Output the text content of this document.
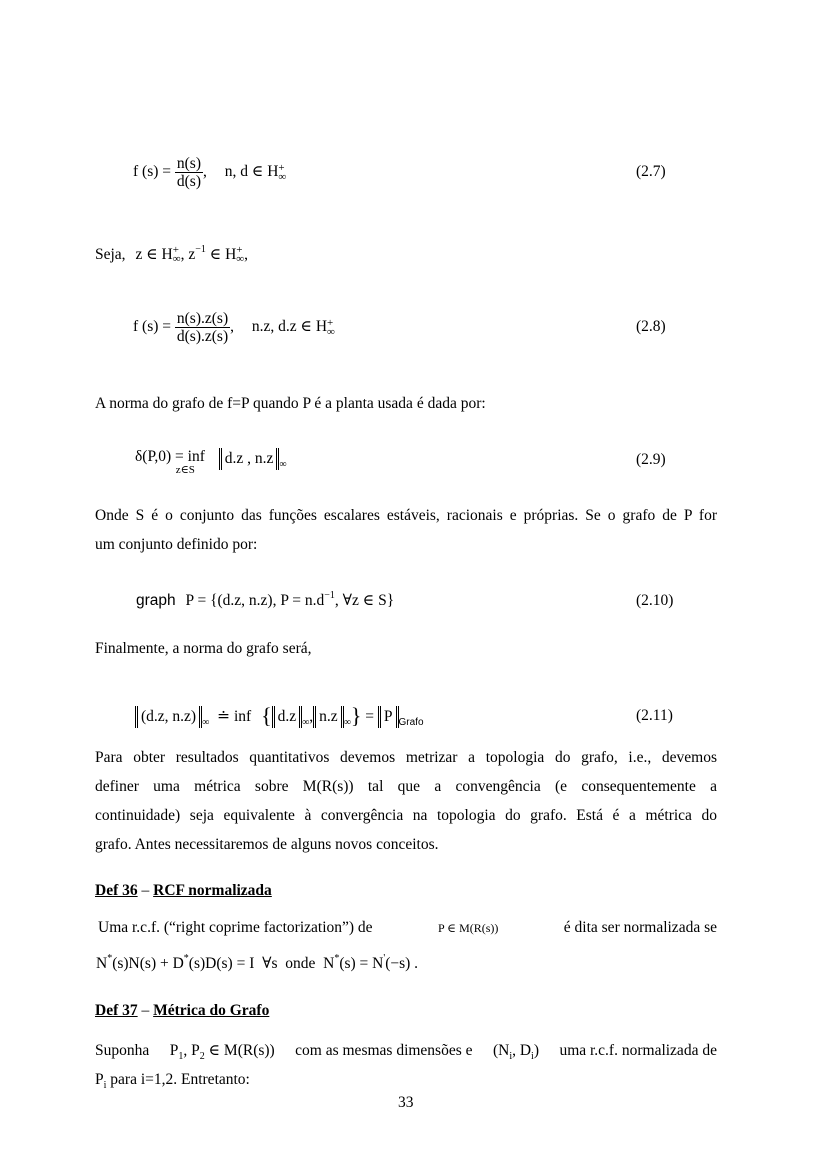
f $(s) = \frac{n(s)}{d(s)}$ , n, d ∈ H +
∞	(2.7)
Seja, z ∈ H +
∞ , $z^{-1}$ ∈ H +
∞ ,
f $(s) = \frac{n(s).z(s)}{d(s).z(s)}$ , n.z, d.z ∈ H +
∞	(2.8)
A norma do grafo de f=P quando P é a planta usada é dada por:
δ(P,0) = inf
z∈S
d.z , n.z $_\infty$	(2.9)
Onde S é o conjunto das funções escalares estáveis, racionais e próprias. Se o grafo de P for
um conjunto definido por:
graph P = {(d.z, n.z), $P = n.d^{-1}$, ∀z ∈ S}	(2.10)
Finalmente, a norma do grafo será,
(d.z, n.z) $_\infty$ ≐ inf { d.z $_\infty$, n.z $_\infty$} = P $_{Grafo}$	(2.11)
Para obter resultados quantitativos devemos metrizar a topologia do grafo, i.e., devemos
definer uma métrica sobre M(R(s)) tal que a convengência (e consequentemente a
continuidade) seja equivalente à convergência na topologia do grafo. Está é a métrica do
grafo. Antes necessitaremos de alguns novos conceitos.
Def 36 – RCF normalizada
Uma r.c.f. (“right coprime factorization”) de	P ∈ M(R(s))	é dita ser normalizada se
N*(s)N(s) + D*(s)D(s) = I  ∀s  onde  N*(s) = N'(−s) .
Def 37 – Métrica do Grafo
Suponha $P_1$, $P_2$ ∈ M(R(s)) com as mesmas dimensões e ($N_i$, $D_i$) uma r.c.f. normalizada de
$P_i$ para i=1,2. Entretanto:
33
